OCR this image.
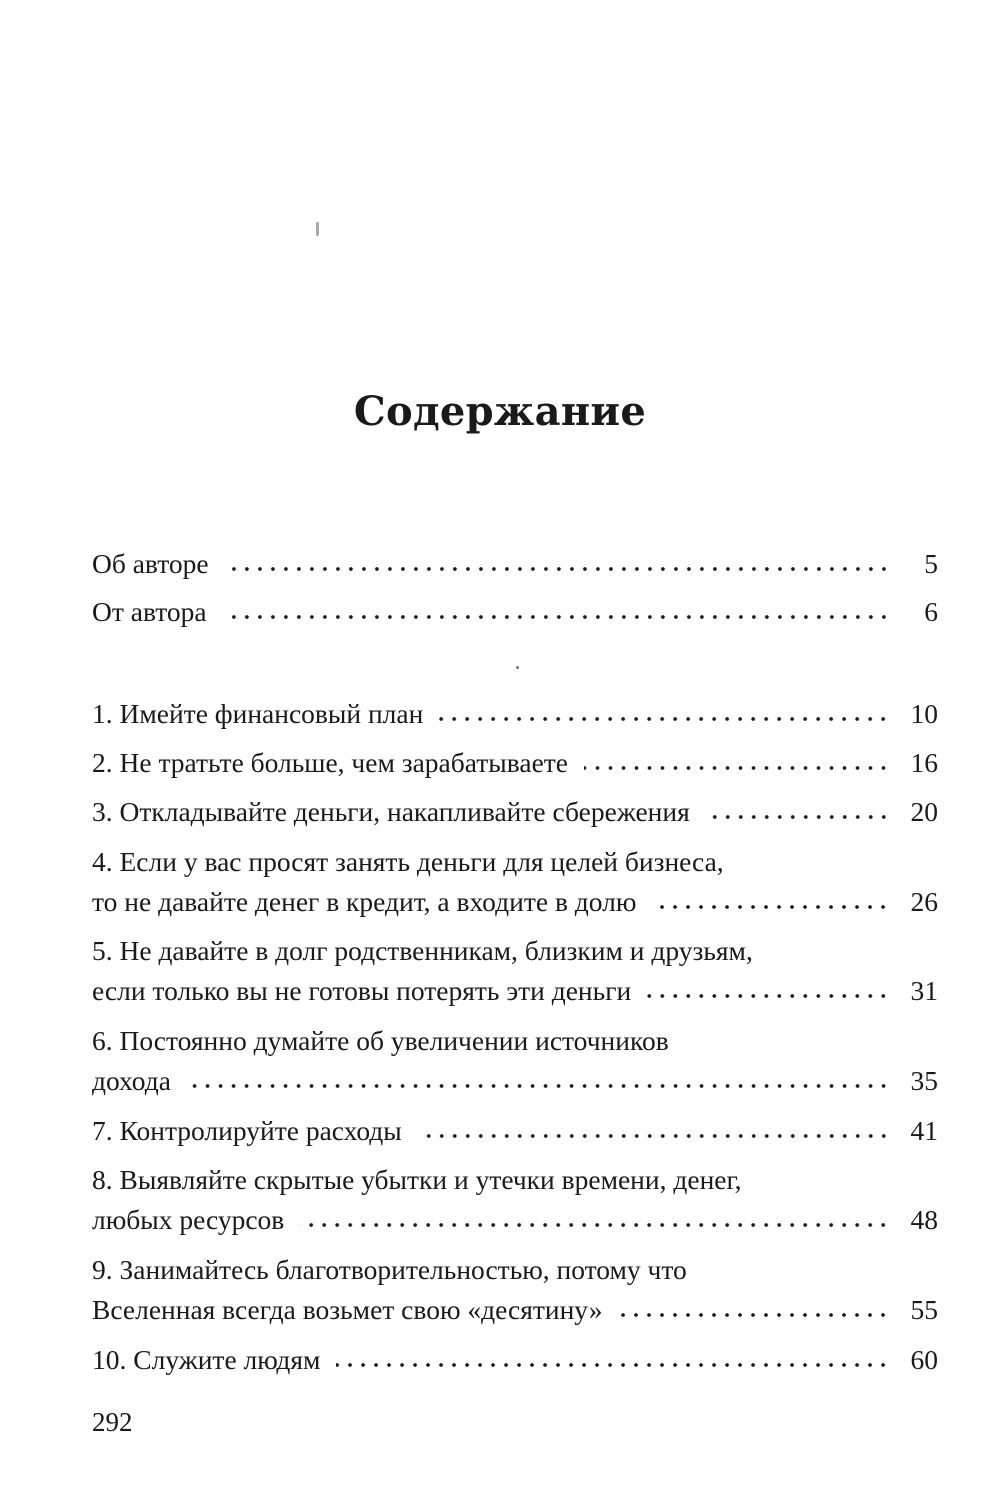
Содержание
Об авторе	5
От автора	6
1. Имейте финансовый план	10
2. Не тратьте больше, чем зарабатываете	16
3. Откладывайте деньги, накапливайте сбережения	20
4. Если у вас просят занять деньги для целей бизнеса,
то не давайте денег в кредит, а входите в долю	26
5. Не давайте в долг родственникам, близким и друзьям,
если только вы не готовы потерять эти деньги	31
6. Постоянно думайте об увеличении источников
дохода	35
7. Контролируйте расходы	41
8. Выявляйте скрытые убытки и утечки времени, денег,
любых ресурсов	48
9. Занимайтесь благотворительностью, потому что
Вселенная всегда возьмет свою «десятину»	55
10. Служите людям	60
292
